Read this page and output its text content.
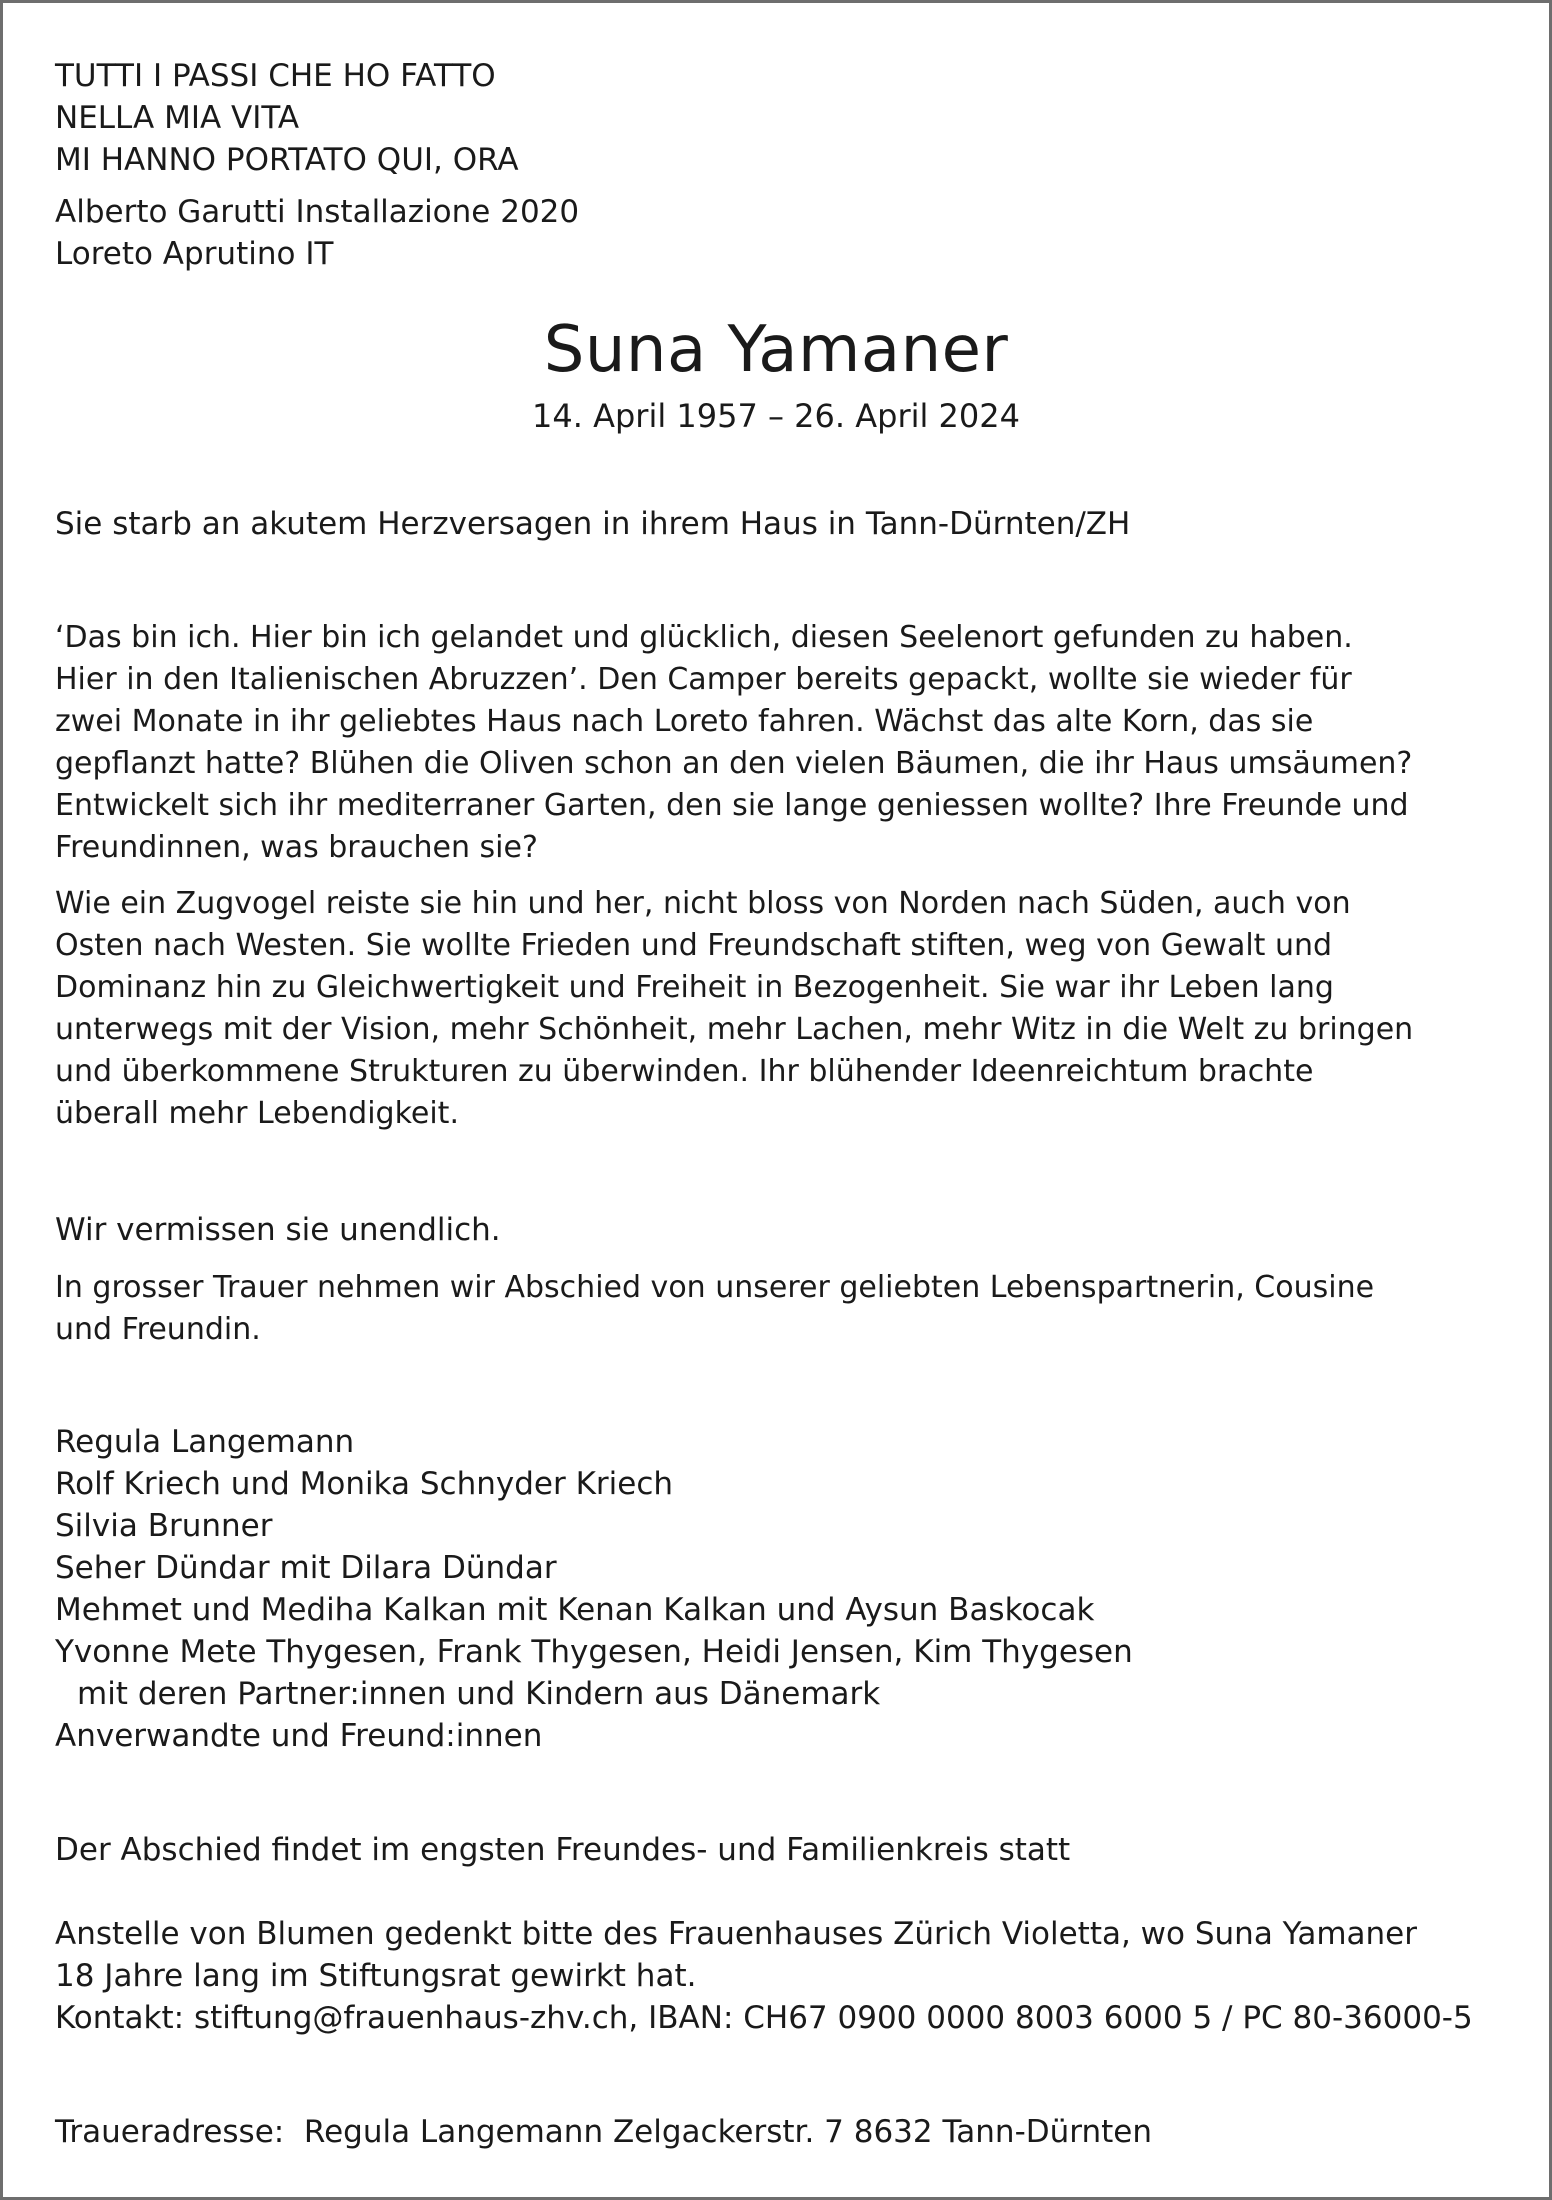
TUTTI I PASSI CHE HO FATTO
NELLA MIA VITA
MI HANNO PORTATO QUI, ORA
Alberto Garutti Installazione 2020
Loreto Aprutino IT
Suna Yamaner
14. April 1957 – 26. April 2024
Sie starb an akutem Herzversagen in ihrem Haus in Tann-Dürnten/ZH
‘Das bin ich. Hier bin ich gelandet und glücklich, diesen Seelenort gefunden zu haben.
Hier in den Italienischen Abruzzen’. Den Camper bereits gepackt, wollte sie wieder für
zwei Monate in ihr geliebtes Haus nach Loreto fahren. Wächst das alte Korn, das sie
gepflanzt hatte? Blühen die Oliven schon an den vielen Bäumen, die ihr Haus umsäumen?
Entwickelt sich ihr mediterraner Garten, den sie lange geniessen wollte? Ihre Freunde und
Freundinnen, was brauchen sie?
Wie ein Zugvogel reiste sie hin und her, nicht bloss von Norden nach Süden, auch von
Osten nach Westen. Sie wollte Frieden und Freundschaft stiften, weg von Gewalt und
Dominanz hin zu Gleichwertigkeit und Freiheit in Bezogenheit. Sie war ihr Leben lang
unterwegs mit der Vision, mehr Schönheit, mehr Lachen, mehr Witz in die Welt zu bringen
und überkommene Strukturen zu überwinden. Ihr blühender Ideenreichtum brachte
überall mehr Lebendigkeit.
Wir vermissen sie unendlich.
In grosser Trauer nehmen wir Abschied von unserer geliebten Lebenspartnerin, Cousine
und Freundin.
Regula Langemann
Rolf Kriech und Monika Schnyder Kriech
Silvia Brunner
Seher Dündar mit Dilara Dündar
Mehmet und Mediha Kalkan mit Kenan Kalkan und Aysun Baskocak
Yvonne Mete Thygesen, Frank Thygesen, Heidi Jensen, Kim Thygesen
mit deren Partner:innen und Kindern aus Dänemark
Anverwandte und Freund:innen
Der Abschied findet im engsten Freundes- und Familienkreis statt
Anstelle von Blumen gedenkt bitte des Frauenhauses Zürich Violetta, wo Suna Yamaner
18 Jahre lang im Stiftungsrat gewirkt hat.
Kontakt: stiftung@frauenhaus-zhv.ch, IBAN: CH67 0900 0000 8003 6000 5 / PC 80-36000-5
Traueradresse:  Regula Langemann Zelgackerstr. 7 8632 Tann-Dürnten
